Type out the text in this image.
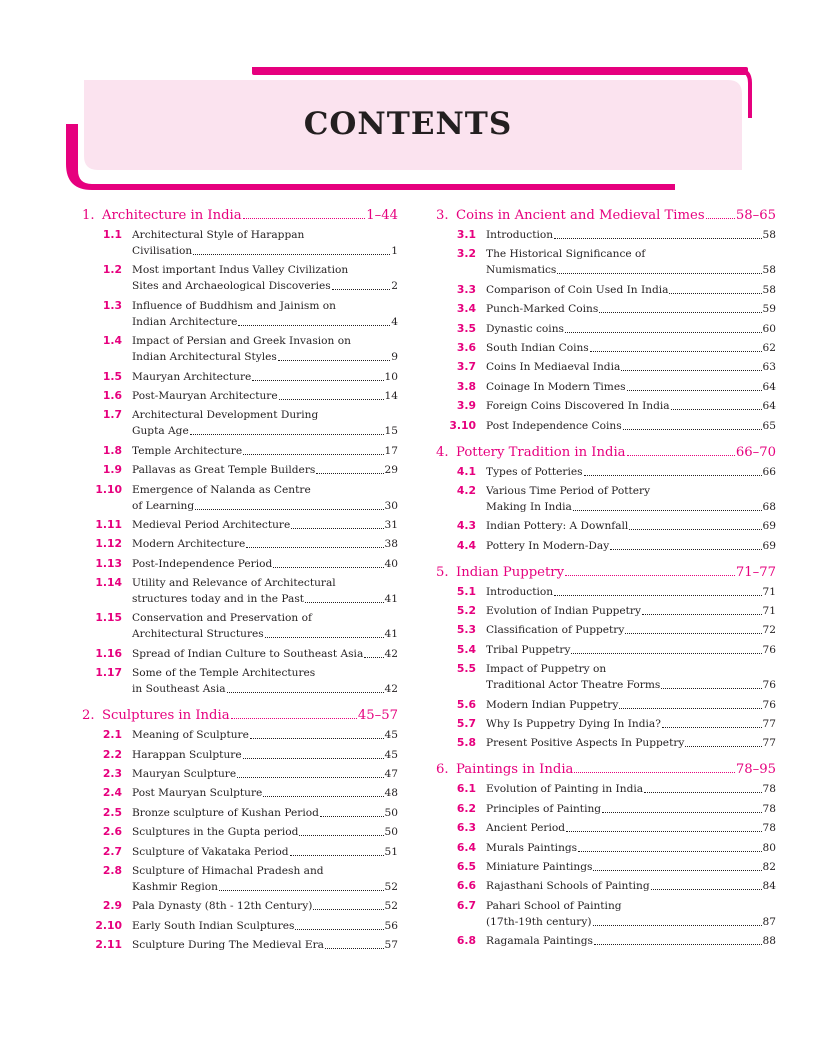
CONTENTS
1. Architecture in India	1–44
1.1 Architectural Style of Harappan
Civilisation	1
1.2 Most important Indus Valley Civilization
Sites and Archaeological Discoveries	2
1.3 Influence of Buddhism and Jainism on
Indian Architecture	4
1.4 Impact of Persian and Greek Invasion on
Indian Architectural Styles	9
1.5 Mauryan Architecture	10
1.6 Post-Mauryan Architecture	14
1.7 Architectural Development During
Gupta Age	15
1.8 Temple Architecture	17
1.9 Pallavas as Great Temple Builders	29
1.10 Emergence of Nalanda as Centre
of Learning	30
1.11 Medieval Period Architecture	31
1.12 Modern Architecture	38
1.13 Post-Independence Period	40
1.14 Utility and Relevance of Architectural
structures today and in the Past	41
1.15 Conservation and Preservation of
Architectural Structures	41
1.16 Spread of Indian Culture to Southeast Asia 42
1.17 Some of the Temple Architectures
in Southeast Asia	42
2. Sculptures in India	45–57
2.1 Meaning of Sculpture	45
2.2 Harappan Sculpture	45
2.3 Mauryan Sculpture	47
2.4 Post Mauryan Sculpture	48
2.5 Bronze sculpture of Kushan Period	50
2.6 Sculptures in the Gupta period	50
2.7 Sculpture of Vakataka Period	51
2.8 Sculpture of Himachal Pradesh and
Kashmir Region	52
2.9 Pala Dynasty (8th - 12th Century)	52
2.10 Early South Indian Sculptures	56
2.11 Sculpture During The Medieval Era	57
3. Coins in Ancient and Medieval Times 58–65
3.1 Introduction	58
3.2 The Historical Significance of
Numismatics	58
3.3 Comparison of Coin Used In India	58
3.4 Punch-Marked Coins	59
3.5 Dynastic coins	60
3.6 South Indian Coins	62
3.7 Coins In Mediaeval India	63
3.8 Coinage In Modern Times	64
3.9 Foreign Coins Discovered In India	64
3.10 Post Independence Coins	65
4. Pottery Tradition in India	66–70
4.1 Types of Potteries	66
4.2 Various Time Period of Pottery
Making In India	68
4.3 Indian Pottery: A Downfall	69
4.4 Pottery In Modern-Day	69
5. Indian Puppetry	71–77
5.1 Introduction	71
5.2 Evolution of Indian Puppetry	71
5.3 Classification of Puppetry	72
5.4 Tribal Puppetry	76
5.5 Impact of Puppetry on
Traditional Actor Theatre Forms	76
5.6 Modern Indian Puppetry	76
5.7 Why Is Puppetry Dying In India?	77
5.8 Present Positive Aspects In Puppetry	77
6. Paintings in India	78–95
6.1 Evolution of Painting in India	78
6.2 Principles of Painting	78
6.3 Ancient Period	78
6.4 Murals Paintings	80
6.5 Miniature Paintings	82
6.6 Rajasthani Schools of Painting	84
6.7 Pahari School of Painting
(17th-19th century)	87
6.8 Ragamala Paintings	88
